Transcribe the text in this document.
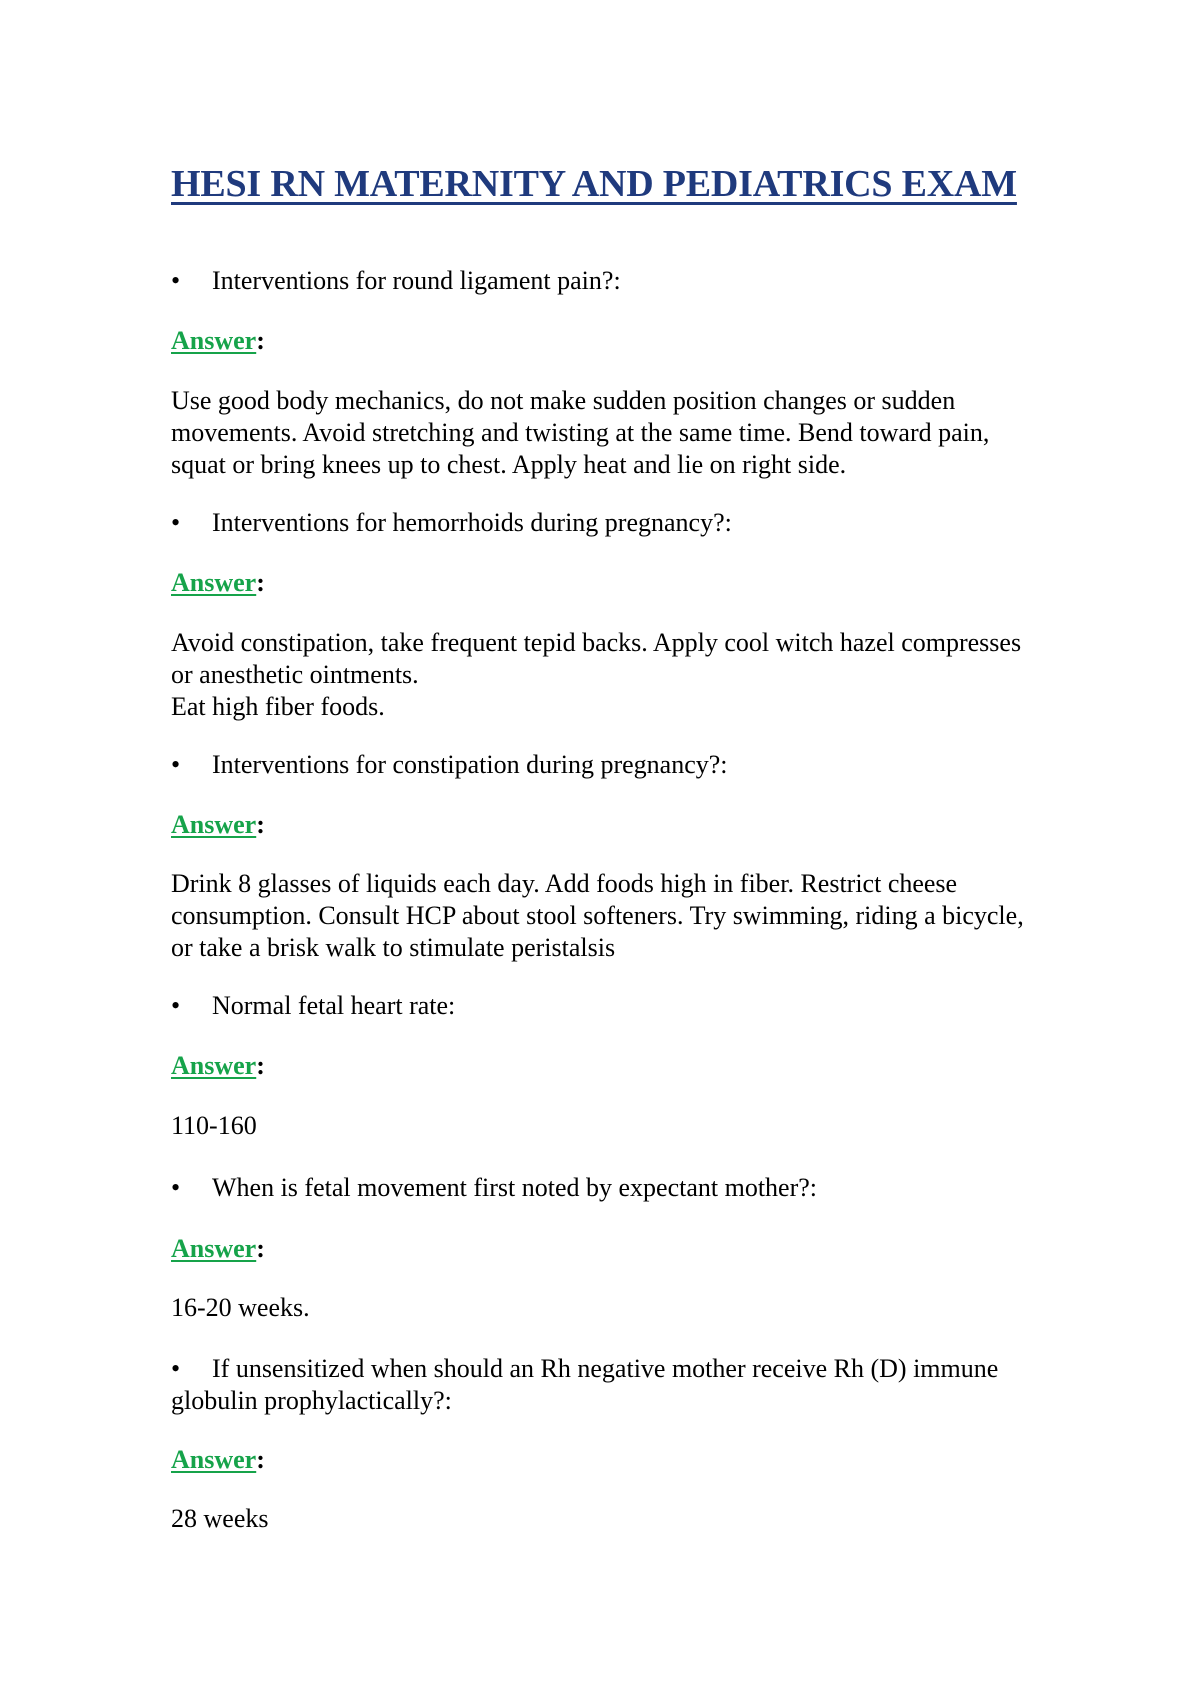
HESI RN MATERNITY AND PEDIATRICS EXAM
• Interventions for round ligament pain?:
Answer:
Use good body mechanics, do not make sudden position changes or sudden
movements. Avoid stretching and twisting at the same time. Bend toward pain,
squat or bring knees up to chest. Apply heat and lie on right side.
• Interventions for hemorrhoids during pregnancy?:
Answer:
Avoid constipation, take frequent tepid backs. Apply cool witch hazel compresses
or anesthetic ointments.
Eat high fiber foods.
• Interventions for constipation during pregnancy?:
Answer:
Drink 8 glasses of liquids each day. Add foods high in fiber. Restrict cheese
consumption. Consult HCP about stool softeners. Try swimming, riding a bicycle,
or take a brisk walk to stimulate peristalsis
• Normal fetal heart rate:
Answer:
110-160
• When is fetal movement first noted by expectant mother?:
Answer:
16-20 weeks.
• If unsensitized when should an Rh negative mother receive Rh (D) immune globulin prophylactically?:
Answer:
28 weeks
